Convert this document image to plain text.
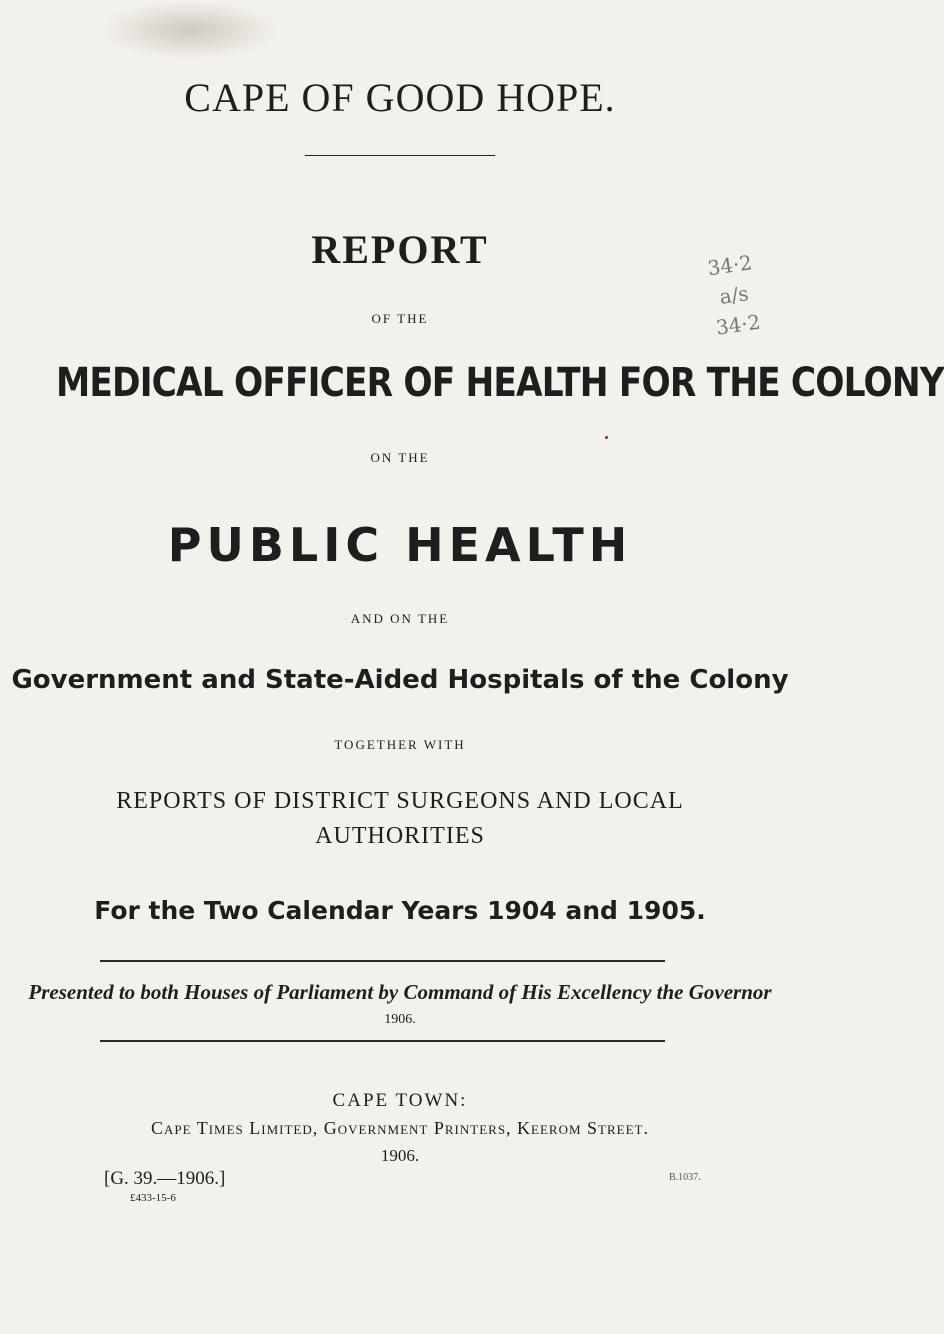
CAPE OF GOOD HOPE.
REPORT	34·2
a/s
34·2
OF THE
MEDICAL OFFICER OF HEALTH FOR THE COLONY
ON THE
PUBLIC HEALTH
AND ON THE
Government and State-Aided Hospitals of the Colony
TOGETHER WITH
REPORTS OF DISTRICT SURGEONS AND LOCAL
AUTHORITIES
For the Two Calendar Years 1904 and 1905.
Presented to both Houses of Parliament by Command of His Excellency the Governor
1906.
CAPE TOWN:
Cape Times Limited, Government Printers, Keerom Street.
1906.
[G. 39.—1906.]
£433-15-6
B.1037.
